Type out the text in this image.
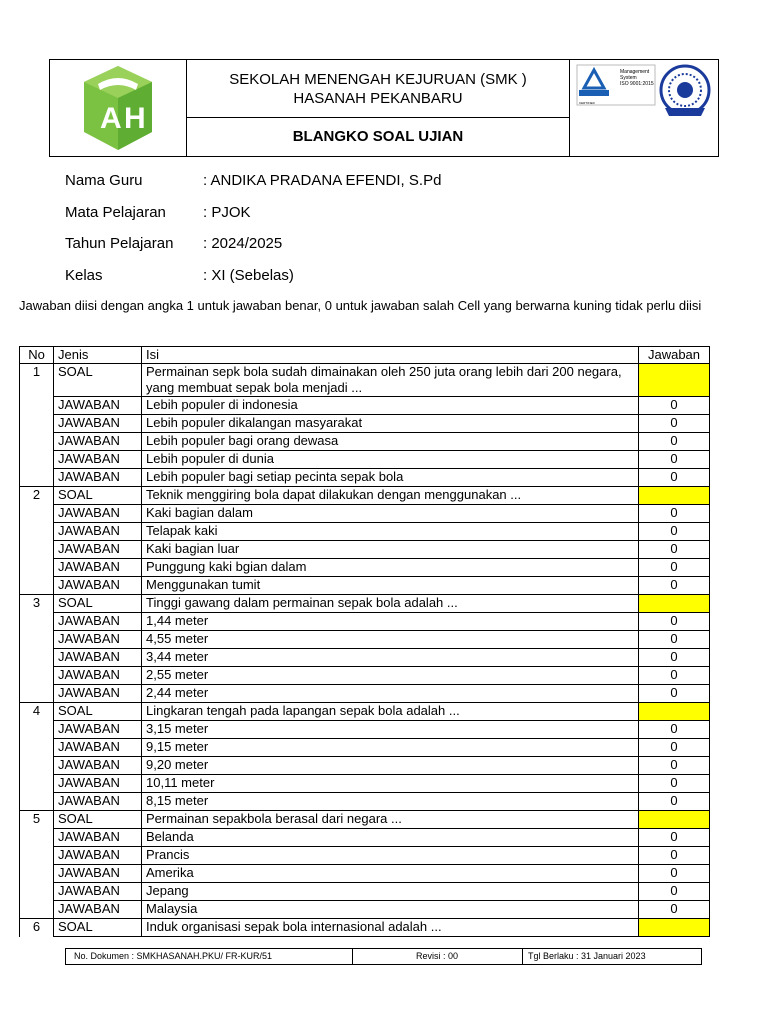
A H
SEKOLAH MENENGAH KEJURUAN (SMK )
HASANAH PEKANBARU
BLANGKO SOAL UJIAN
Management
System
ISO 9001:2015
TÜVRheinland
CERTIFIED
Nama Guru	: ANDIKA PRADANA EFENDI, S.Pd
Mata Pelajaran : PJOK
Tahun Pelajaran : 2024/2025
Kelas	: XI (Sebelas)
Jawaban diisi dengan angka 1 untuk jawaban benar, 0 untuk jawaban salah Cell yang berwarna kuning tidak perlu diisi
No	Jenis	Isi	Jawaban
1	SOAL	Permainan sepk bola sudah dimainakan oleh 250 juta orang lebih dari 200 negara, yang membuat sepak bola menjadi ...	
	JAWABAN	Lebih populer di indonesia	0
	JAWABAN	Lebih populer dikalangan masyarakat	0
	JAWABAN	Lebih populer bagi orang dewasa	0
	JAWABAN	Lebih populer di dunia	0
	JAWABAN	Lebih populer bagi setiap pecinta sepak bola	0
2	SOAL	Teknik menggiring bola dapat dilakukan dengan menggunakan ...	
	JAWABAN	Kaki bagian dalam	0
	JAWABAN	Telapak kaki	0
	JAWABAN	Kaki bagian luar	0
	JAWABAN	Punggung kaki bgian dalam	0
	JAWABAN	Menggunakan tumit	0
3	SOAL	Tinggi gawang dalam permainan sepak bola adalah ...	
	JAWABAN	1,44 meter	0
	JAWABAN	4,55 meter	0
	JAWABAN	3,44 meter	0
	JAWABAN	2,55 meter	0
	JAWABAN	2,44 meter	0
4	SOAL	Lingkaran tengah pada lapangan sepak bola adalah ...	
	JAWABAN	3,15 meter	0
	JAWABAN	9,15 meter	0
	JAWABAN	9,20 meter	0
	JAWABAN	10,11 meter	0
	JAWABAN	8,15 meter	0
5	SOAL	Permainan sepakbola berasal dari negara ...	
	JAWABAN	Belanda	0
	JAWABAN	Prancis	0
	JAWABAN	Amerika	0
	JAWABAN	Jepang	0
	JAWABAN	Malaysia	0
6	SOAL	Induk organisasi sepak bola internasional adalah ...	
No. Dokumen : SMKHASANAH.PKU/ FR-KUR/51	Revisi : 00	Tgl Berlaku : 31 Januari 2023
